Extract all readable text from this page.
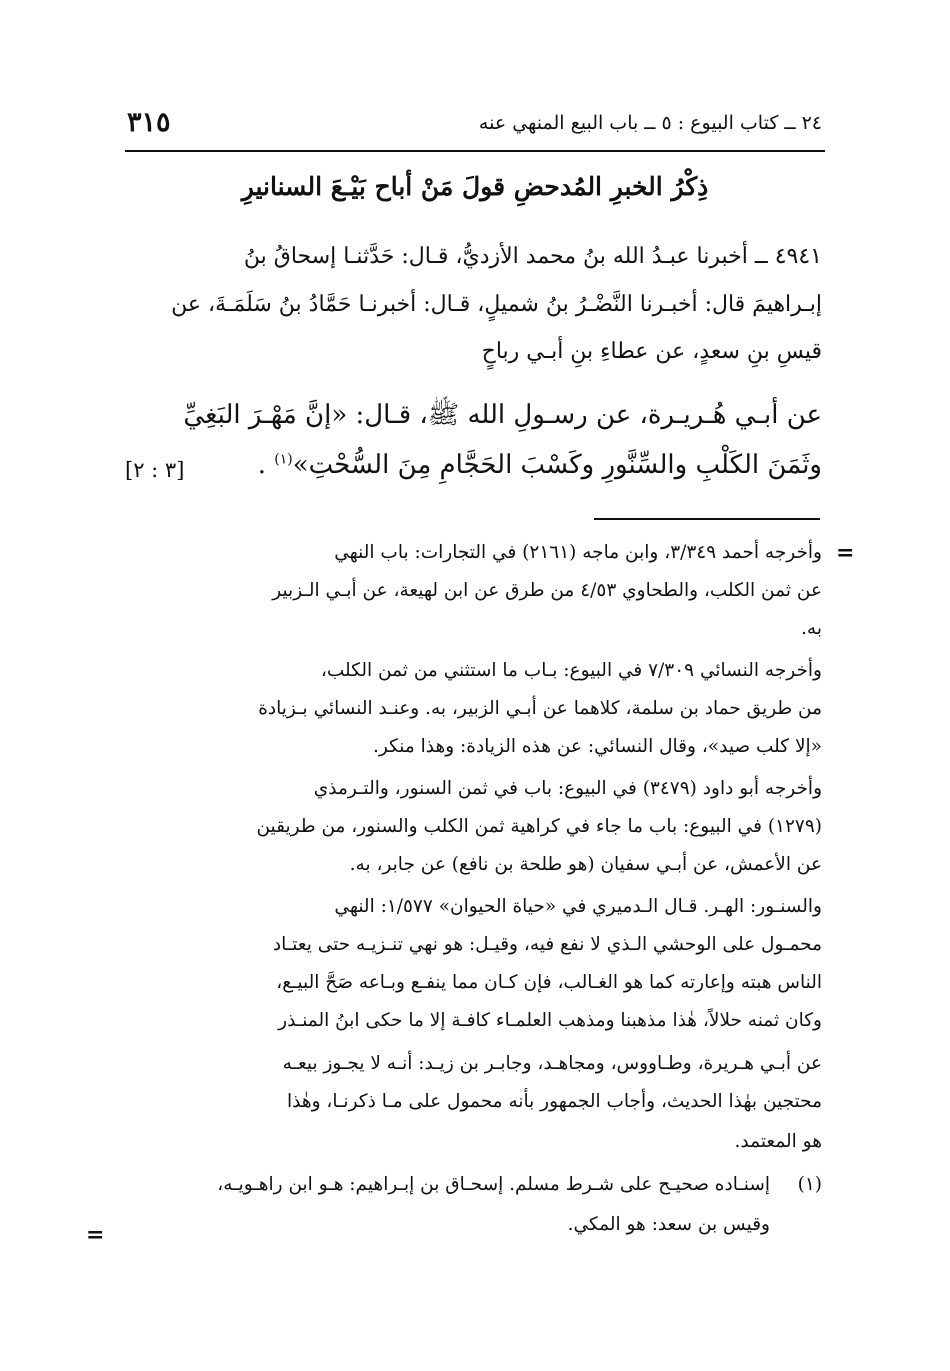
٣١٥	٢٤ ــ كتاب البيوع : ٥ ــ باب البيع المنهي عنه
ذِكْرُ الخبرِ المُدحضِ قولَ مَنْ أباح بَيْـعَ السنانيرِ
٤٩٤١ ــ أخبرنا عبـدُ الله بنُ محمد الأزديُّ، قـال: حَدَّثنـا إسحاقُ بنُ
إبـراهيمَ قال: أخبـرنا النَّضْـرُ بنُ شميلٍ، قـال: أخبرنـا حَمَّادُ بنُ سَلَمَـةَ، عن
قيسِ بنِ سعدٍ، عن عطاءِ بنِ أبـي رباحٍ
عن أبـي هُـريـرة، عن رسـولِ الله ﷺ، قـال: «إنَّ مَهْـرَ البَغِيِّ
وثَمَنَ الكَلْبِ والسِّنَّورِ وكَسْبَ الحَجَّامِ مِنَ السُّحْتِ»$^{(١)}$ .
[٣ : ٢]
=
وأخرجه أحمد ٣/٣٤٩، وابن ماجه (٢١٦١) في التجارات: باب النهي
عن ثمن الكلب، والطحاوي ٤/٥٣ من طرق عن ابن لهيعة، عن أبـي الـزبير
به.
وأخرجه النسائي ٧/٣٠٩ في البيوع: بـاب ما استثني من ثمن الكلب،
من طريق حماد بن سلمة، كلاهما عن أبـي الزبير، به. وعنـد النسائي بـزيادة
«إلا كلب صيد»، وقال النسائي: عن هذه الزيادة: وهذا منكر.
وأخرجه أبو داود (٣٤٧٩) في البيوع: باب في ثمن السنور، والتـرمذي
(١٢٧٩) في البيوع: باب ما جاء في كراهية ثمن الكلب والسنور، من طريقين
عن الأعمش، عن أبـي سفيان (هو طلحة بن نافع) عن جابر، به.
والسنـور: الهـر. قـال الـدميري في «حياة الحيوان» ١/٥٧٧: النهي
محمـول على الوحشي الـذي لا نفع فيه، وقيـل: هو نهي تنـزيـه حتى يعتـاد
الناس هبته وإعارته كما هو الغـالب، فإن كـان مما ينفـع وبـاعه صَحَّ البيـع،
وكان ثمنه حلالاً، هٰذا مذهبنا ومذهب العلمـاء كافـة إلا ما حكى ابنُ المنـذر
عن أبـي هـريرة، وطـاووس، ومجاهـد، وجابـر بن زيـد: أنـه لا يجـوز بيعـه
محتجين بهٰذا الحديث، وأجاب الجمهور بأنه محمول على مـا ذكرنـا، وهٰذا
هو المعتمد.
(١)
إسنـاده صحيـح على شـرط مسلم. إسحـاق بن إبـراهيم: هـو ابن راهـويـه،
وقيس بن سعد: هو المكي.
=
